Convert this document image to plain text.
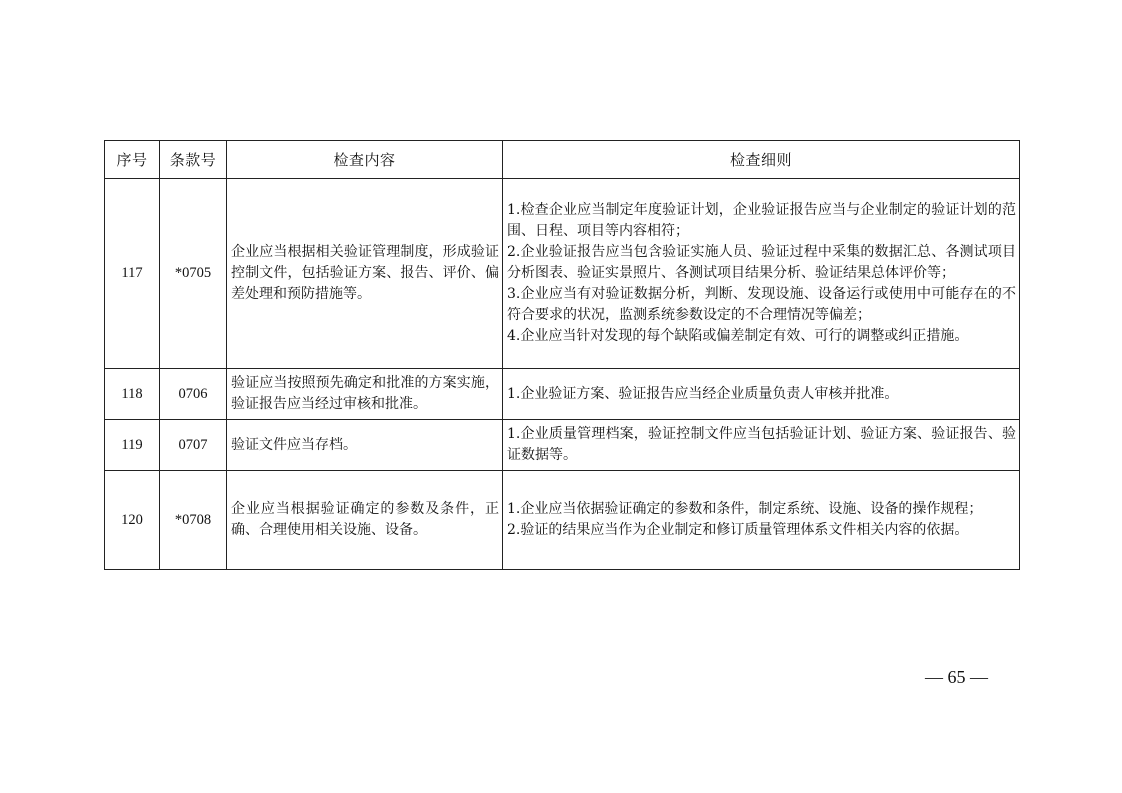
序号	条款号	检查内容	检查细则
117	*0705	企业应当根据相关验证管理制度，形成验证控制文件，包括验证方案、报告、评价、偏差处理和预防措施等。	1.检查企业应当制定年度验证计划，企业验证报告应当与企业制定的验证计划的范围、日程、项目等内容相符；
2.企业验证报告应当包含验证实施人员、验证过程中采集的数据汇总、各测试项目分析图表、验证实景照片、各测试项目结果分析、验证结果总体评价等；
3.企业应当有对验证数据分析，判断、发现设施、设备运行或使用中可能存在的不符合要求的状况，监测系统参数设定的不合理情况等偏差；
4.企业应当针对发现的每个缺陷或偏差制定有效、可行的调整或纠正措施。

118	0706	验证应当按照预先确定和批准的方案实施，验证报告应当经过审核和批准。	1.企业验证方案、验证报告应当经企业质量负责人审核并批准。

119	0707	验证文件应当存档。	1.企业质量管理档案，验证控制文件应当包括验证计划、验证方案、验证报告、验证数据等。

120	*0708	企业应当根据验证确定的参数及条件，正确、合理使用相关设施、设备。	1.企业应当依据验证确定的参数和条件，制定系统、设施、设备的操作规程；
2.验证的结果应当作为企业制定和修订质量管理体系文件相关内容的依据。
— 65 —
